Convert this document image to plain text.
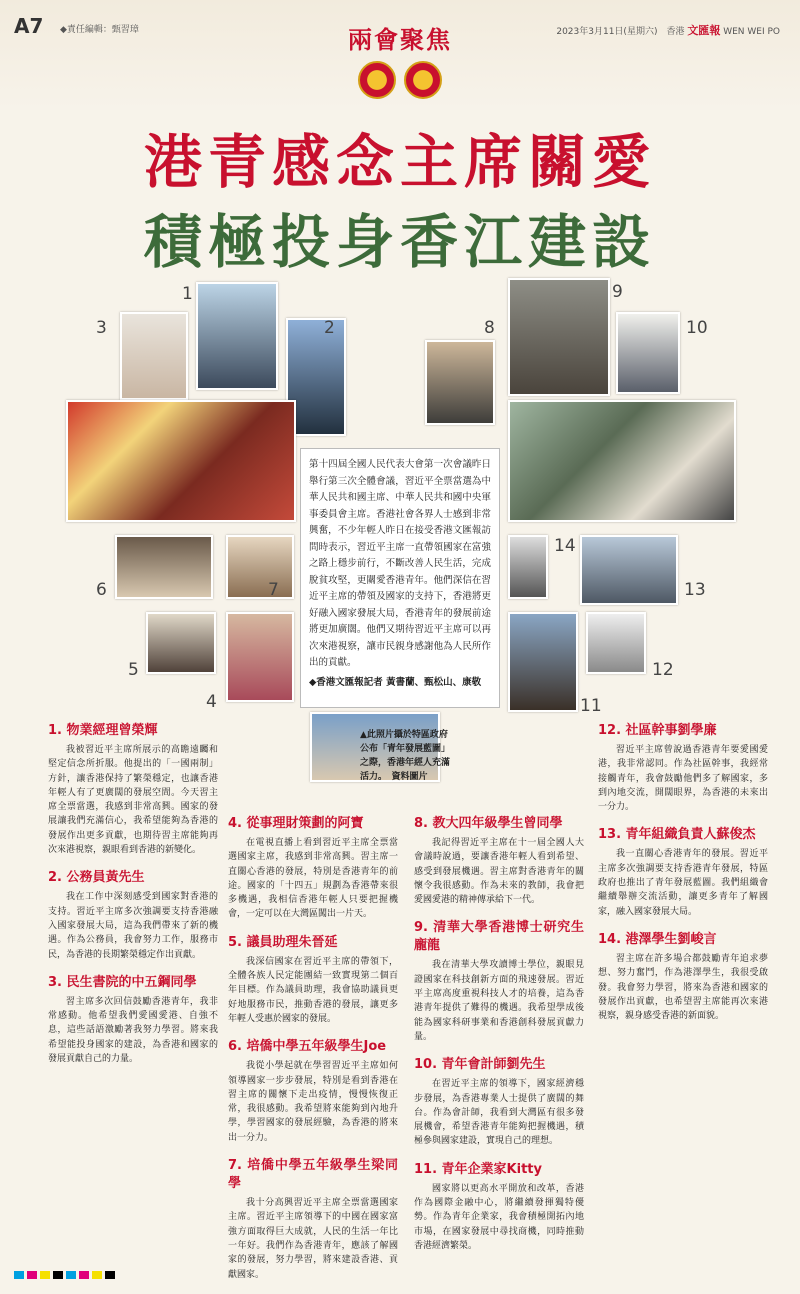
A7 ◆責任編輯：甄習璋	2023年3月11日(星期六)　香港 文匯報 WEN WEI PO
兩會聚焦
港青感念主席關愛
積極投身香江建設
1
2
3
4
5
6	7
8
9
10
11
12
13
14
第十四屆全國人民代表大會第一次會議昨日舉行第三次全體會議，習近平全票當選為中華人民共和國主席、中華人民共和國中央軍事委員會主席。香港社會各界人士感到非常興奮，不少年輕人昨日在接受香港文匯報訪問時表示，習近平主席一直帶領國家在富強之路上穩步前行，不斷改善人民生活，完成脫貧攻堅，更關愛香港青年。他們深信在習近平主席的帶領及國家的支持下，香港將更好融入國家發展大局，香港青年的發展前途將更加廣闊。他們又期待習近平主席可以再次來港視察，讓市民親身感謝他為人民所作出的貢獻。
◆香港文匯報記者 黃書蘭、甄松山、康敬
▲此照片攝於特區政府公布「青年發展藍圖」之際，香港年經人充滿活力。　資料圖片
1. 物業經理曾榮輝
我被習近平主席所展示的高瞻遠矚和堅定信念所折服。他提出的「一國兩制」方針，讓香港保持了繁榮穩定，也讓香港年輕人有了更廣闊的發展空間。今天習主席全票當選，我感到非常高興。國家的發展讓我們充滿信心，我希望能夠為香港的發展作出更多貢獻，也期待習主席能夠再次來港視察，親眼看到香港的新變化。
2. 公務員黃先生
我在工作中深刻感受到國家對香港的支持。習近平主席多次強調要支持香港融入國家發展大局，這為我們帶來了新的機遇。作為公務員，我會努力工作，服務市民，為香港的長期繁榮穩定作出貢獻。
3. 民生書院的中五鋼同學
習主席多次回信鼓勵香港青年，我非常感動。他希望我們愛國愛港、自強不息，這些話語激勵著我努力學習。將來我希望能投身國家的建設，為香港和國家的發展貢獻自己的力量。
4. 從事理財策劃的阿寶
在電視直播上看到習近平主席全票當選國家主席，我感到非常高興。習主席一直關心香港的發展，特別是香港青年的前途。國家的「十四五」規劃為香港帶來很多機遇，我相信香港年輕人只要把握機會，一定可以在大灣區闖出一片天。
5. 議員助理朱晉延
我深信國家在習近平主席的帶領下，全體各族人民定能團結一致實現第二個百年目標。作為議員助理，我會協助議員更好地服務市民，推動香港的發展，讓更多年輕人受惠於國家的發展。
6. 培僑中學五年級學生Joe
我從小學起就在學習習近平主席如何領導國家一步步發展，特別是看到香港在習主席的關懷下走出疫情，慢慢恢復正常，我很感動。我希望將來能夠到內地升學，學習國家的發展經驗，為香港的將來出一分力。
7. 培僑中學五年級學生梁同學
我十分高興習近平主席全票當選國家主席。習近平主席領導下的中國在國家富強方面取得巨大成就，人民的生活一年比一年好。我們作為香港青年，應該了解國家的發展，努力學習，將來建設香港、貢獻國家。
8. 教大四年級學生曾同學
我記得習近平主席在十一屆全國人大會議時說過，要讓香港年輕人看到希望、感受到發展機遇。習主席對香港青年的關懷令我很感動。作為未來的教師，我會把愛國愛港的精神傳承給下一代。
9. 清華大學香港博士研究生龐龍
我在清華大學攻讀博士學位，親眼見證國家在科技創新方面的飛速發展。習近平主席高度重視科技人才的培養，這為香港青年提供了難得的機遇。我希望學成後能為國家科研事業和香港創科發展貢獻力量。
10. 青年會計師劉先生
在習近平主席的領導下，國家經濟穩步發展，為香港專業人士提供了廣闊的舞台。作為會計師，我看到大灣區有很多發展機會，希望香港青年能夠把握機遇，積極參與國家建設，實現自己的理想。
11. 青年企業家Kitty
國家將以更高水平開放和改革，香港作為國際金融中心，將繼續發揮獨特優勢。作為青年企業家，我會積極開拓內地市場，在國家發展中尋找商機，同時推動香港經濟繁榮。
12. 社區幹事劉學廉
習近平主席曾說過香港青年要愛國愛港，我非常認同。作為社區幹事，我經常接觸青年，我會鼓勵他們多了解國家，多到內地交流，開闊眼界，為香港的未來出一分力。
13. 青年組織負責人蘇俊杰
我一直關心香港青年的發展。習近平主席多次強調要支持香港青年發展，特區政府也推出了青年發展藍圖。我們組織會繼續舉辦交流活動，讓更多青年了解國家，融入國家發展大局。
14. 港澤學生劉峻言
習主席在許多場合都鼓勵青年追求夢想、努力奮鬥，作為港澤學生，我很受啟發。我會努力學習，將來為香港和國家的發展作出貢獻，也希望習主席能再次來港視察，親身感受香港的新面貌。
